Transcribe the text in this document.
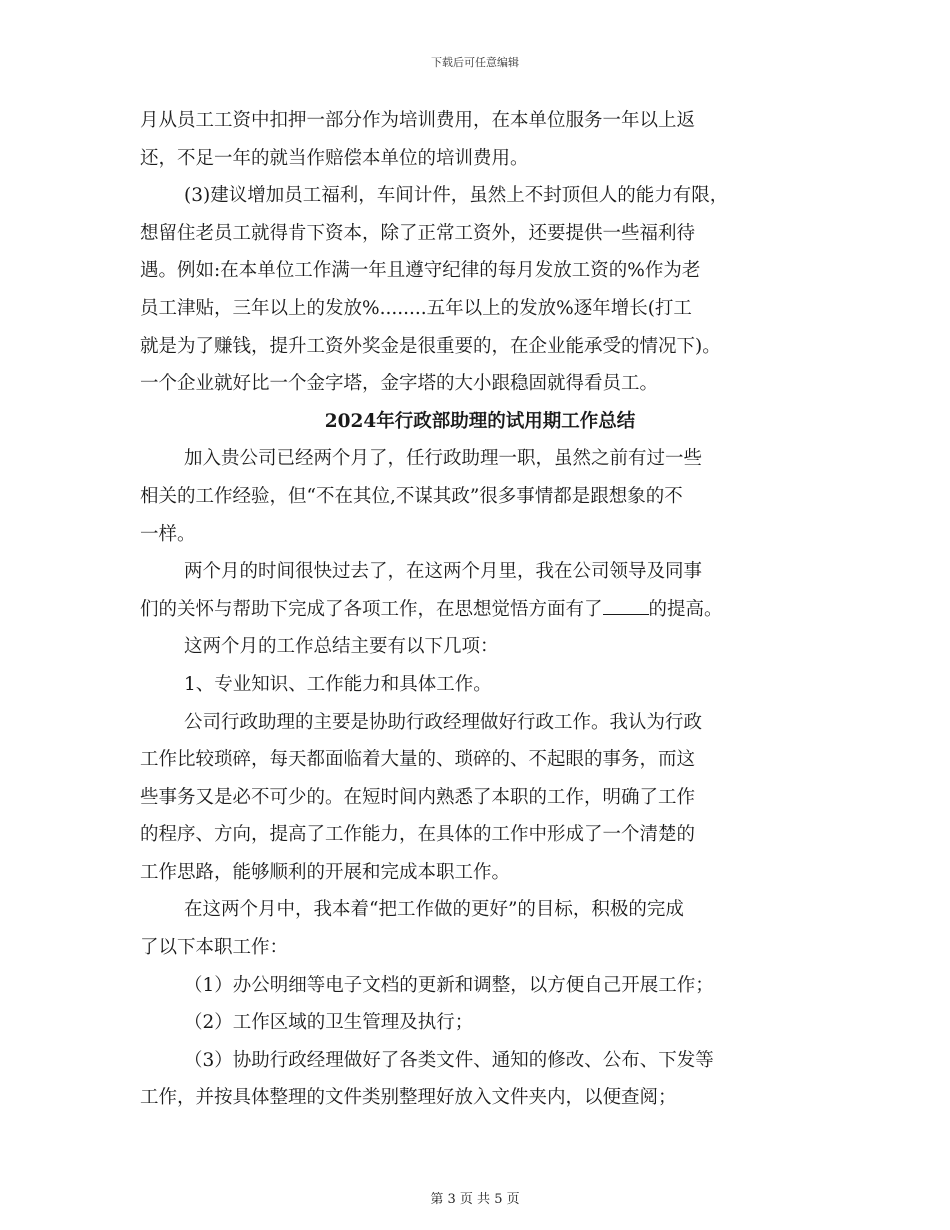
下载后可任意编辑
月从员工工资中扣押一部分作为培训费用，在本单位服务一年以上返
还，不足一年的就当作赔偿本单位的培训费用。
(3)建议增加员工福利，车间计件，虽然上不封顶但人的能力有限，
想留住老员工就得肯下资本，除了正常工资外，还要提供一些福利待
遇。例如:在本单位工作满一年且遵守纪律的每月发放工资的%作为老
员工津贴，三年以上的发放%........五年以上的发放%逐年增长(打工
就是为了赚钱，提升工资外奖金是很重要的，在企业能承受的情况下)。
一个企业就好比一个金字塔，金字塔的大小跟稳固就得看员工。
2024年行政部助理的试用期工作总结
加入贵公司已经两个月了，任行政助理一职，虽然之前有过一些
相关的工作经验，但“不在其位,不谋其政”很多事情都是跟想象的不
一样。
两个月的时间很快过去了，在这两个月里，我在公司领导及同事
们的关怀与帮助下完成了各项工作，在思想觉悟方面有了 的提高。
这两个月的工作总结主要有以下几项：
1、专业知识、工作能力和具体工作。
公司行政助理的主要是协助行政经理做好行政工作。我认为行政
工作比较琐碎，每天都面临着大量的、琐碎的、不起眼的事务，而这
些事务又是必不可少的。在短时间内熟悉了本职的工作，明确了工作
的程序、方向，提高了工作能力，在具体的工作中形成了一个清楚的
工作思路，能够顺利的开展和完成本职工作。
在这两个月中，我本着“把工作做的更好”的目标，积极的完成
了以下本职工作：
（1）办公明细等电子文档的更新和调整，以方便自己开展工作；
（2）工作区域的卫生管理及执行；
（3）协助行政经理做好了各类文件、通知的修改、公布、下发等
工作，并按具体整理的文件类别整理好放入文件夹内，以便查阅；
第 3 页 共 5 页
